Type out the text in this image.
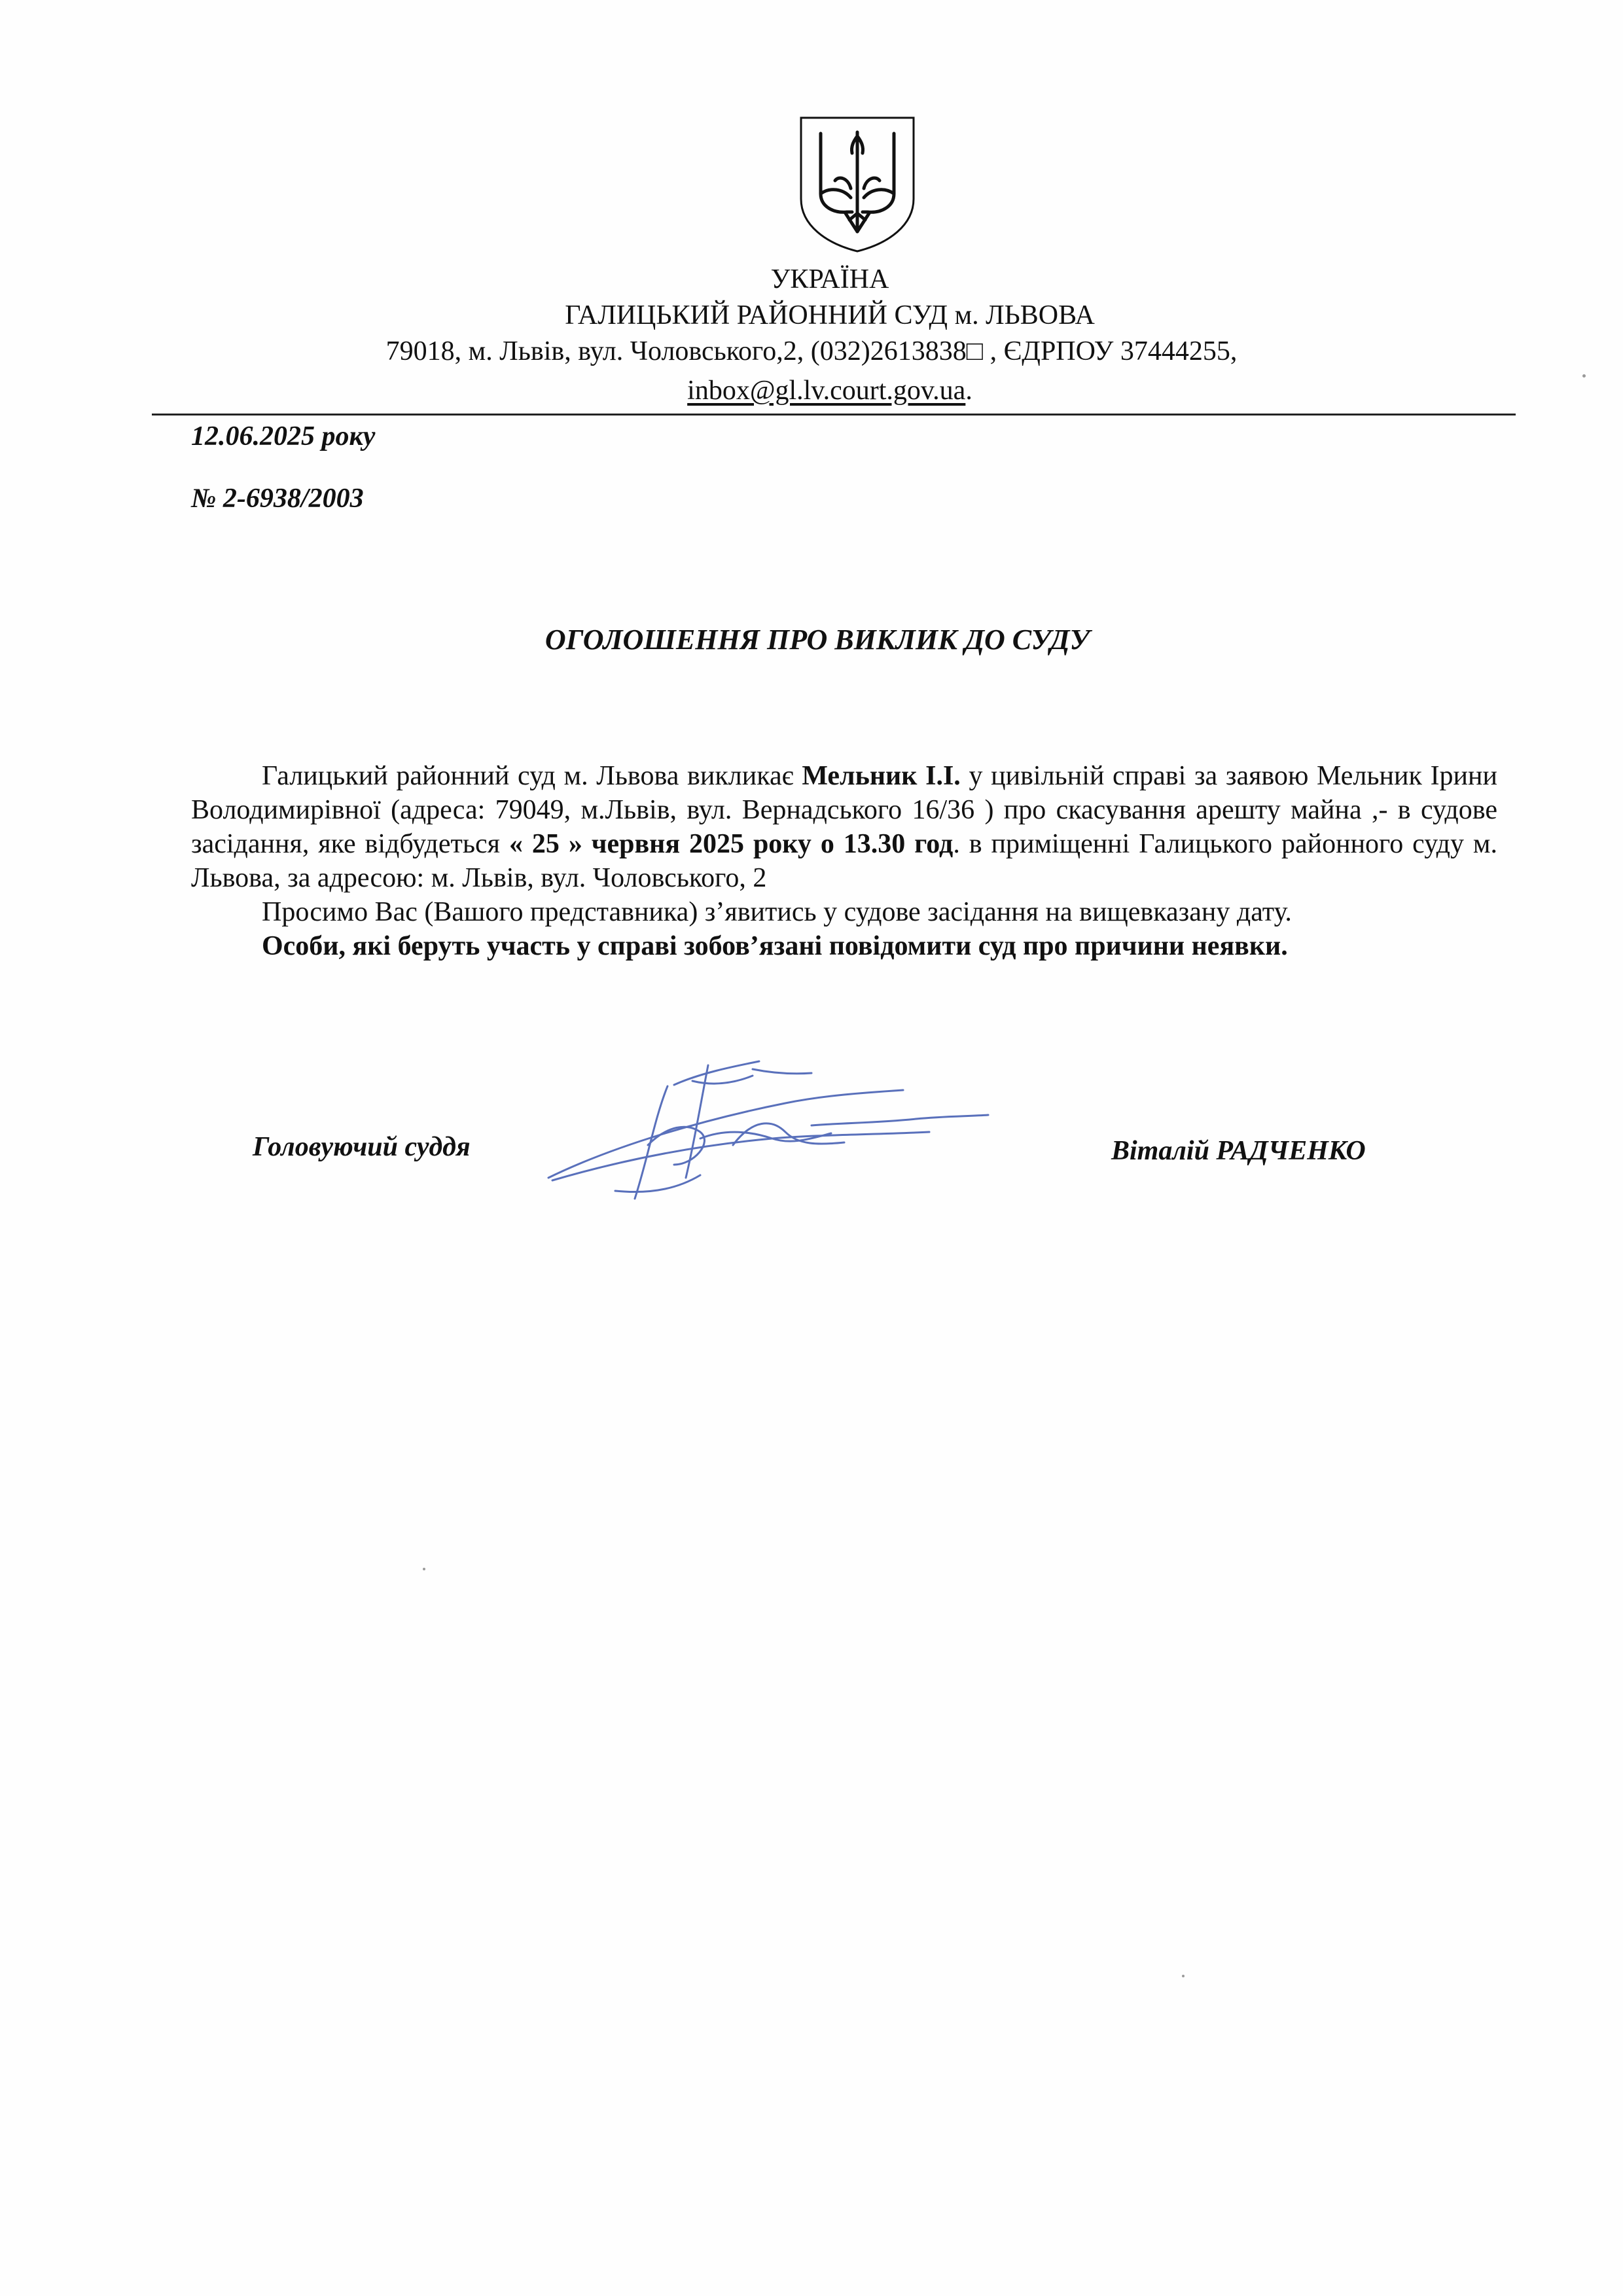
УКРАЇНА
ГАЛИЦЬКИЙ РАЙОННИЙ СУД м. ЛЬВОВА
79018, м. Львів, вул. Чоловського,2, (032)2613838□ , ЄДРПОУ 37444255,
inbox@gl.lv.court.gov.ua.
12.06.2025 року
№ 2-6938/2003
ОГОЛОШЕННЯ ПРО ВИКЛИК ДО СУДУ

Галицький районний суд м. Львова викликає Мельник І.І. у цивільній справі за заявою Мельник Ірини Володимирівної (адреса: 79049, м.Львів, вул. Вернадського 16/36 ) про скасування арешту майна ,- в судове засідання, яке відбудеться « 25 » червня 2025 року о 13.30 год. в приміщенні Галицького районного суду м. Львова, за адресою: м. Львів, вул. Чоловського, 2

Просимо Вас (Вашого представника) з’явитись у судове засідання на вищевказану дату.

Особи, які беруть участь у справі зобов’язані повідомити суд про причини неявки.

Головуючий суддя	Віталій РАДЧЕНКО
